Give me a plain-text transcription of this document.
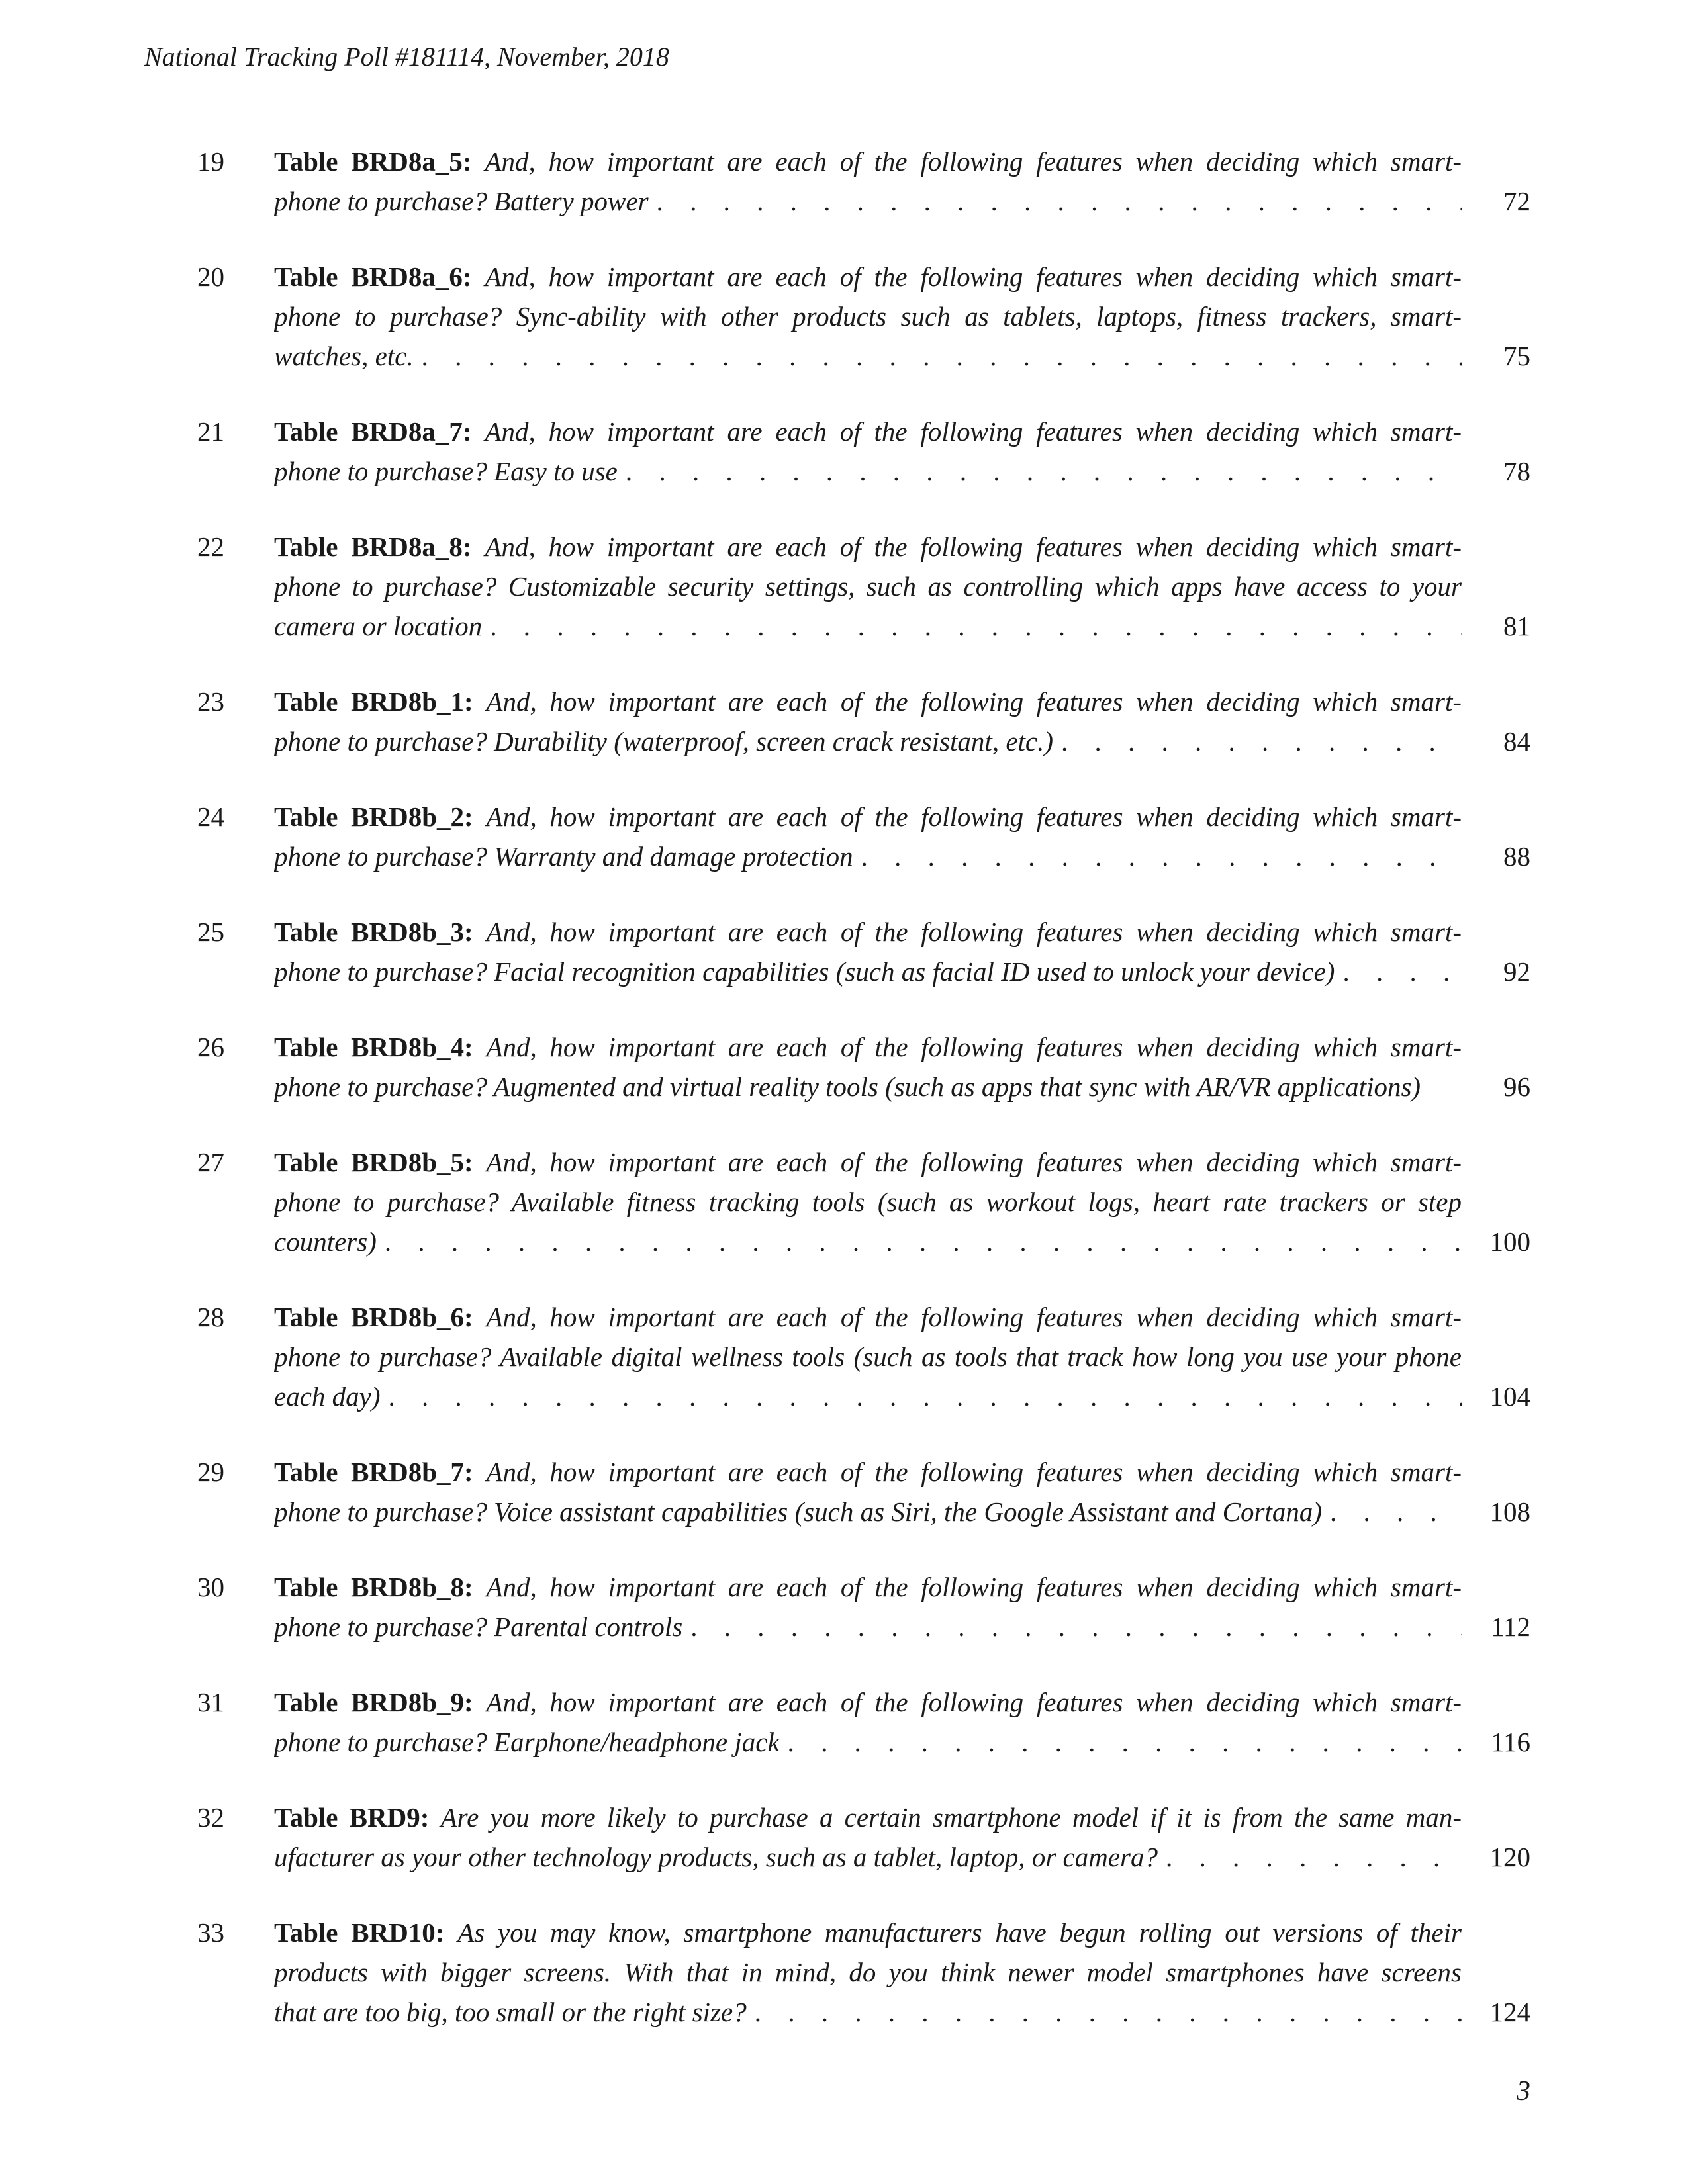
National Tracking Poll #181114, November, 2018
19 Table BRD8a_5: And, how important are each of the following features when deciding which smart-
phone to purchase? Battery power . . .	72
20 Table BRD8a_6: And, how important are each of the following features when deciding which smart-
phone to purchase? Sync-ability with other products such as tablets, laptops, fitness trackers, smart-
watches, etc. . . .	75
21 Table BRD8a_7: And, how important are each of the following features when deciding which smart-
phone to purchase? Easy to use . . .	78
22 Table BRD8a_8: And, how important are each of the following features when deciding which smart-
phone to purchase? Customizable security settings, such as controlling which apps have access to your
camera or location . . .	81
23 Table BRD8b_1: And, how important are each of the following features when deciding which smart-
phone to purchase? Durability (waterproof, screen crack resistant, etc.) . . .	84
24 Table BRD8b_2: And, how important are each of the following features when deciding which smart-
phone to purchase? Warranty and damage protection . . .	88
25 Table BRD8b_3: And, how important are each of the following features when deciding which smart-
phone to purchase? Facial recognition capabilities (such as facial ID used to unlock your device) . . .	92
26 Table BRD8b_4: And, how important are each of the following features when deciding which smart-
phone to purchase? Augmented and virtual reality tools (such as apps that sync with AR/VR applications)	96
27 Table BRD8b_5: And, how important are each of the following features when deciding which smart-
phone to purchase? Available fitness tracking tools (such as workout logs, heart rate trackers or step
counters) . . .	100
28 Table BRD8b_6: And, how important are each of the following features when deciding which smart-
phone to purchase? Available digital wellness tools (such as tools that track how long you use your phone
each day) . . .	104
29 Table BRD8b_7: And, how important are each of the following features when deciding which smart-
phone to purchase? Voice assistant capabilities (such as Siri, the Google Assistant and Cortana) . . .	108
30 Table BRD8b_8: And, how important are each of the following features when deciding which smart-
phone to purchase? Parental controls . . .	112
31 Table BRD8b_9: And, how important are each of the following features when deciding which smart-
phone to purchase? Earphone/headphone jack . . .	116
32 Table BRD9: Are you more likely to purchase a certain smartphone model if it is from the same man-
ufacturer as your other technology products, such as a tablet, laptop, or camera? . . .	120
33 Table BRD10: As you may know, smartphone manufacturers have begun rolling out versions of their
products with bigger screens. With that in mind, do you think newer model smartphones have screens
that are too big, too small or the right size? . . .	124
3
